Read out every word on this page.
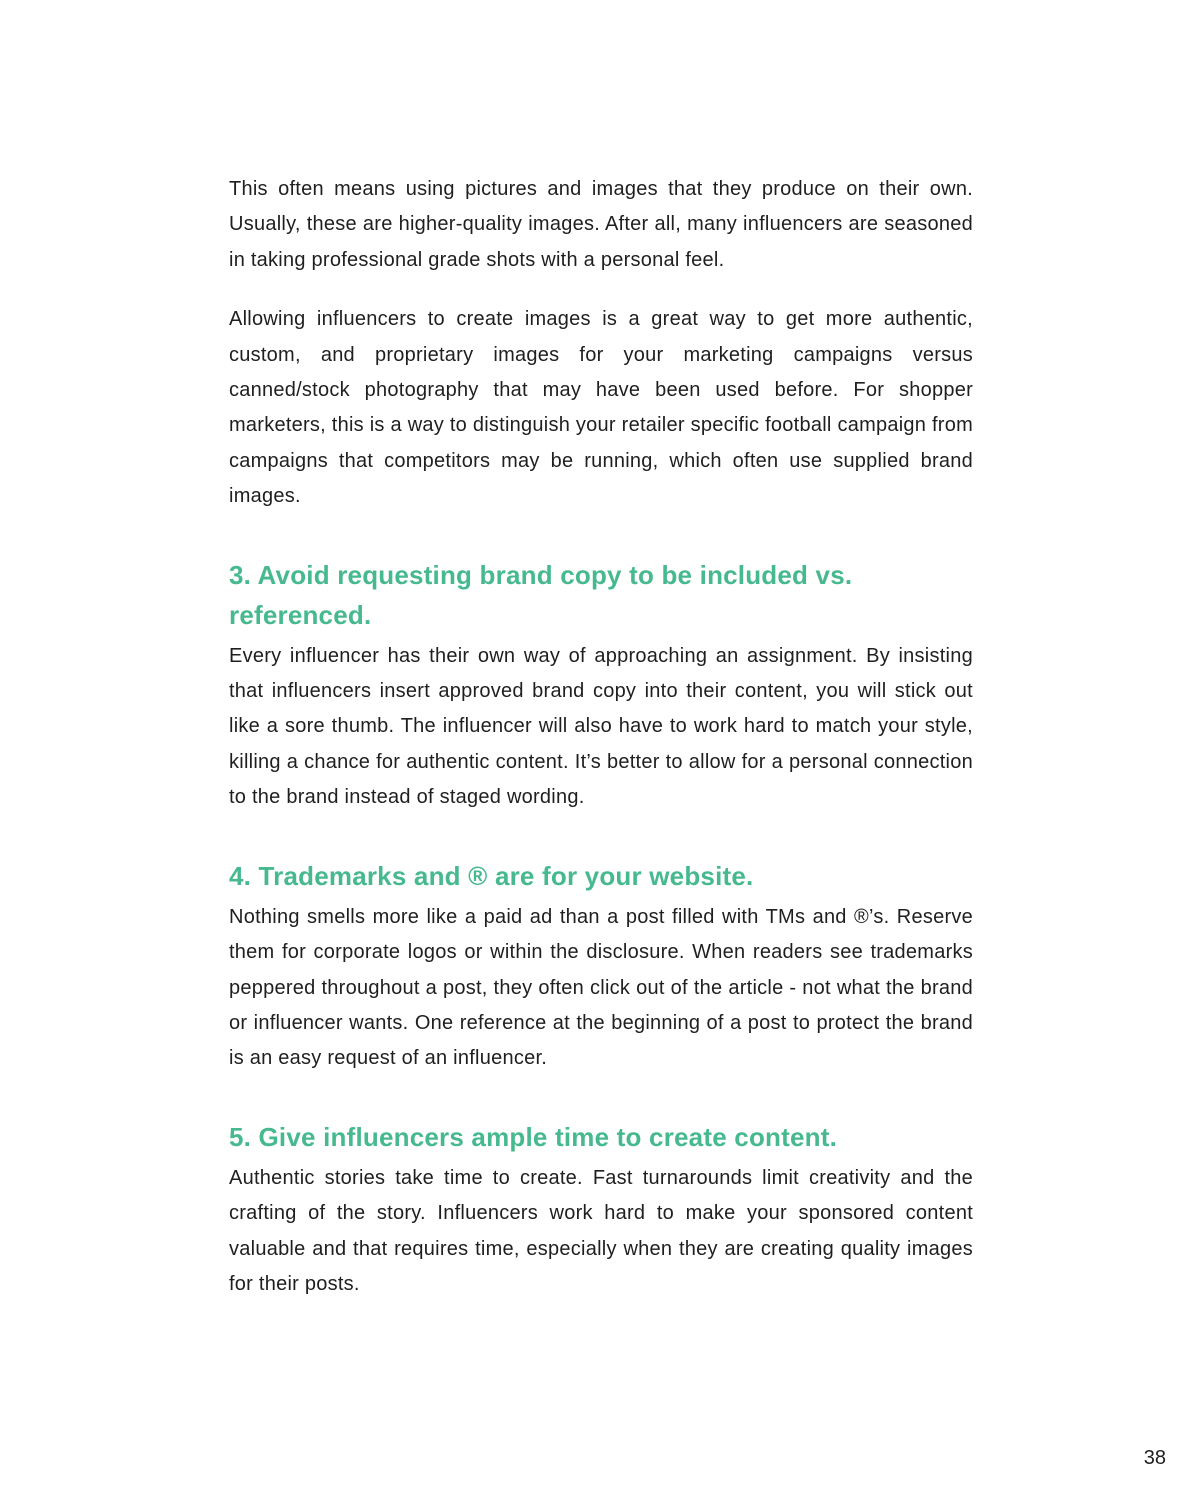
This often means using pictures and images that they produce on their own. Usually, these are higher-quality images. After all, many influencers are seasoned in taking professional grade shots with a personal feel.

Allowing influencers to create images is a great way to get more authentic, custom, and proprietary images for your marketing campaigns versus canned/stock photography that may have been used before. For shopper marketers, this is a way to distinguish your retailer specific football campaign from campaigns that competitors may be running, which often use supplied brand images.

3. Avoid requesting brand copy to be included vs. referenced.

Every influencer has their own way of approaching an assignment. By insisting that influencers insert approved brand copy into their content, you will stick out like a sore thumb. The influencer will also have to work hard to match your style, killing a chance for authentic content. It’s better to allow for a personal connection to the brand instead of staged wording.

4. Trademarks and ® are for your website.

Nothing smells more like a paid ad than a post filled with TMs and ®’s. Reserve them for corporate logos or within the disclosure. When readers see trademarks peppered throughout a post, they often click out of the article - not what the brand or influencer wants. One reference at the beginning of a post to protect the brand is an easy request of an influencer.

5. Give influencers ample time to create content.

Authentic stories take time to create. Fast turnarounds limit creativity and the crafting of the story. Influencers work hard to make your sponsored content valuable and that requires time, especially when they are creating quality images for their posts.

38
